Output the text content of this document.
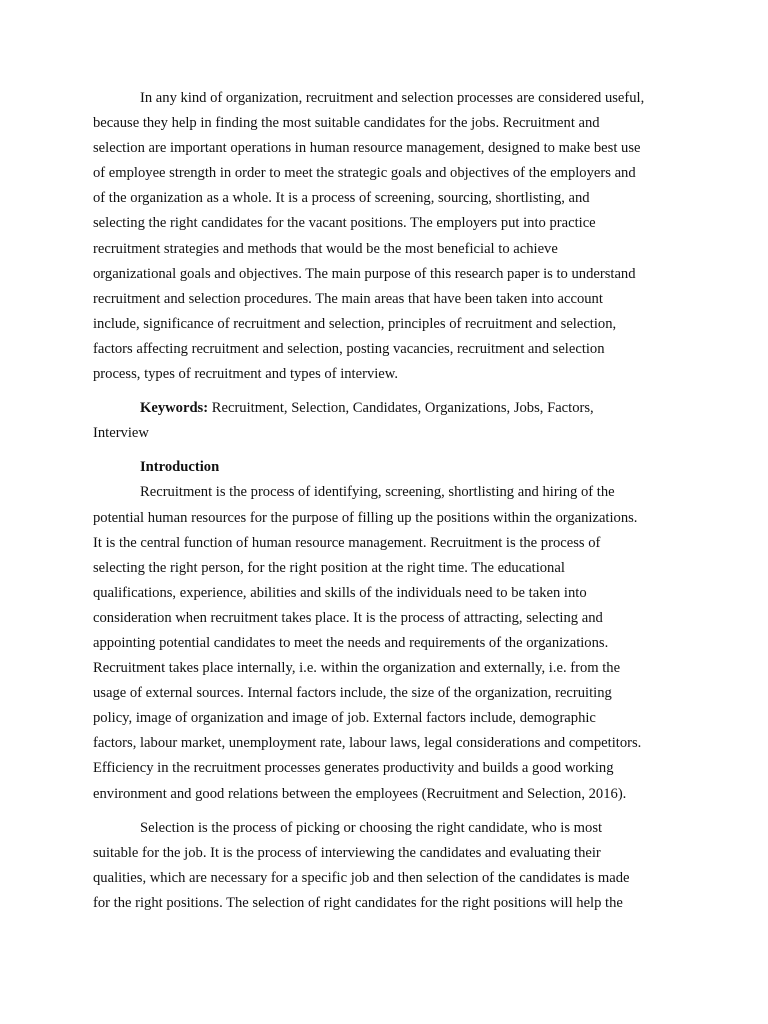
In any kind of organization, recruitment and selection processes are considered useful,
because they help in finding the most suitable candidates for the jobs. Recruitment and
selection are important operations in human resource management, designed to make best use
of employee strength in order to meet the strategic goals and objectives of the employers and
of the organization as a whole. It is a process of screening, sourcing, shortlisting, and
selecting the right candidates for the vacant positions. The employers put into practice
recruitment strategies and methods that would be the most beneficial to achieve
organizational goals and objectives. The main purpose of this research paper is to understand
recruitment and selection procedures. The main areas that have been taken into account
include, significance of recruitment and selection, principles of recruitment and selection,
factors affecting recruitment and selection, posting vacancies, recruitment and selection
process, types of recruitment and types of interview.
Keywords: Recruitment, Selection, Candidates, Organizations, Jobs, Factors,
Interview
Introduction
Recruitment is the process of identifying, screening, shortlisting and hiring of the
potential human resources for the purpose of filling up the positions within the organizations.
It is the central function of human resource management. Recruitment is the process of
selecting the right person, for the right position at the right time. The educational
qualifications, experience, abilities and skills of the individuals need to be taken into
consideration when recruitment takes place. It is the process of attracting, selecting and
appointing potential candidates to meet the needs and requirements of the organizations.
Recruitment takes place internally, i.e. within the organization and externally, i.e. from the
usage of external sources. Internal factors include, the size of the organization, recruiting
policy, image of organization and image of job. External factors include, demographic
factors, labour market, unemployment rate, labour laws, legal considerations and competitors.
Efficiency in the recruitment processes generates productivity and builds a good working
environment and good relations between the employees (Recruitment and Selection, 2016).
Selection is the process of picking or choosing the right candidate, who is most
suitable for the job. It is the process of interviewing the candidates and evaluating their
qualities, which are necessary for a specific job and then selection of the candidates is made
for the right positions. The selection of right candidates for the right positions will help the
